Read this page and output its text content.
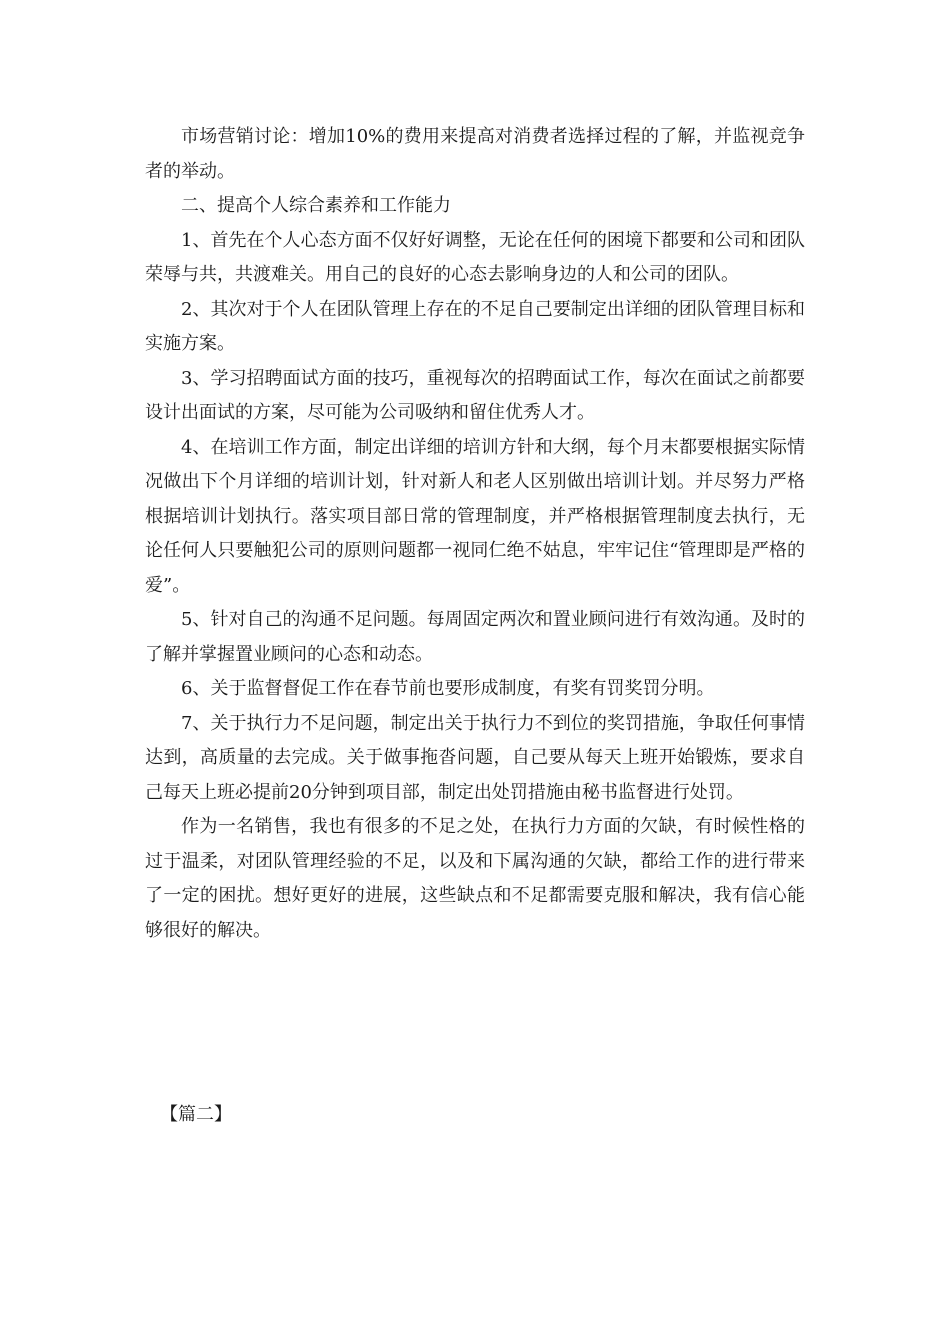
市场营销讨论：增加10%的费用来提高对消费者选择过程的了解，并监视竞争者的举动。

二、提高个人综合素养和工作能力

1、首先在个人心态方面不仅好好调整，无论在任何的困境下都要和公司和团队荣辱与共，共渡难关。用自己的良好的心态去影响身边的人和公司的团队。

2、其次对于个人在团队管理上存在的不足自己要制定出详细的团队管理目标和实施方案。

3、学习招聘面试方面的技巧，重视每次的招聘面试工作，每次在面试之前都要设计出面试的方案，尽可能为公司吸纳和留住优秀人才。

4、在培训工作方面，制定出详细的培训方针和大纲，每个月末都要根据实际情况做出下个月详细的培训计划，针对新人和老人区别做出培训计划。并尽努力严格根据培训计划执行。落实项目部日常的管理制度，并严格根据管理制度去执行，无论任何人只要触犯公司的原则问题都一视同仁绝不姑息，牢牢记住“管理即是严格的爱”。

5、针对自己的沟通不足问题。每周固定两次和置业顾问进行有效沟通。及时的了解并掌握置业顾问的心态和动态。

6、关于监督督促工作在春节前也要形成制度，有奖有罚奖罚分明。

7、关于执行力不足问题，制定出关于执行力不到位的奖罚措施，争取任何事情达到，高质量的去完成。关于做事拖沓问题，自己要从每天上班开始锻炼，要求自己每天上班必提前20分钟到项目部，制定出处罚措施由秘书监督进行处罚。

作为一名销售，我也有很多的不足之处，在执行力方面的欠缺，有时候性格的过于温柔，对团队管理经验的不足，以及和下属沟通的欠缺，都给工作的进行带来了一定的困扰。想好更好的进展，这些缺点和不足都需要克服和解决，我有信心能够很好的解决。

【篇二】
